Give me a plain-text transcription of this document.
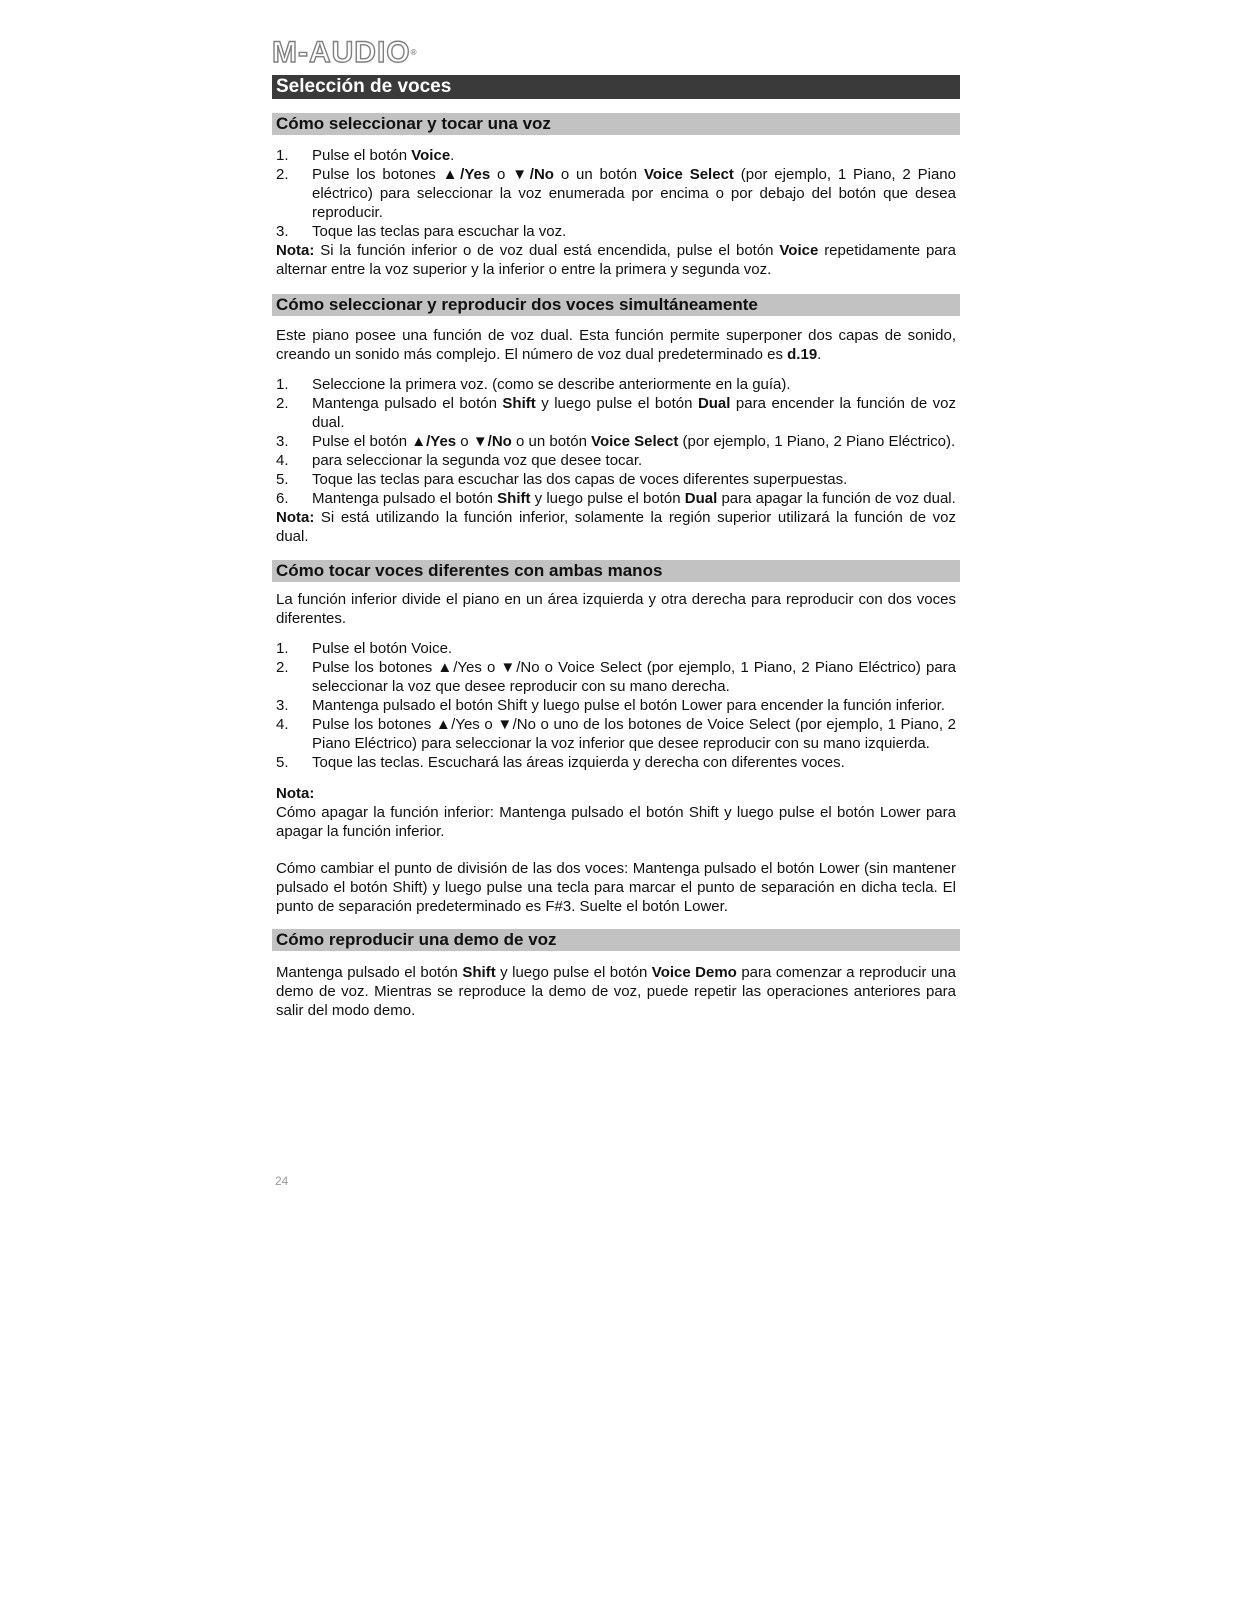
M-AUDIO®
Selección de voces
Cómo seleccionar y tocar una voz
1. Pulse el botón Voice.
2. Pulse los botones ▲/Yes o ▼/No o un botón Voice Select (por ejemplo, 1 Piano, 2 Piano eléctrico) para seleccionar la voz enumerada por encima o por debajo del botón que desea reproducir.
3. Toque las teclas para escuchar la voz.
Nota: Si la función inferior o de voz dual está encendida, pulse el botón Voice repetidamente para alternar entre la voz superior y la inferior o entre la primera y segunda voz.
Cómo seleccionar y reproducir dos voces simultáneamente
Este piano posee una función de voz dual. Esta función permite superponer dos capas de sonido, creando un sonido más complejo. El número de voz dual predeterminado es d.19.
1. Seleccione la primera voz. (como se describe anteriormente en la guía).
2. Mantenga pulsado el botón Shift y luego pulse el botón Dual para encender la función de voz dual.
3. Pulse el botón ▲/Yes o ▼/No o un botón Voice Select (por ejemplo, 1 Piano, 2 Piano Eléctrico).
4. para seleccionar la segunda voz que desee tocar.
5. Toque las teclas para escuchar las dos capas de voces diferentes superpuestas.
6. Mantenga pulsado el botón Shift y luego pulse el botón Dual para apagar la función de voz dual.
Nota: Si está utilizando la función inferior, solamente la región superior utilizará la función de voz dual.
Cómo tocar voces diferentes con ambas manos
La función inferior divide el piano en un área izquierda y otra derecha para reproducir con dos voces diferentes.
1. Pulse el botón Voice.
2. Pulse los botones ▲/Yes o ▼/No o Voice Select (por ejemplo, 1 Piano, 2 Piano Eléctrico) para seleccionar la voz que desee reproducir con su mano derecha.
3. Mantenga pulsado el botón Shift y luego pulse el botón Lower para encender la función inferior.
4. Pulse los botones ▲/Yes o ▼/No o uno de los botones de Voice Select (por ejemplo, 1 Piano, 2 Piano Eléctrico) para seleccionar la voz inferior que desee reproducir con su mano izquierda.
5. Toque las teclas. Escuchará las áreas izquierda y derecha con diferentes voces.
Nota:
Cómo apagar la función inferior: Mantenga pulsado el botón Shift y luego pulse el botón Lower para apagar la función inferior.
Cómo cambiar el punto de división de las dos voces: Mantenga pulsado el botón Lower (sin mantener pulsado el botón Shift) y luego pulse una tecla para marcar el punto de separación en dicha tecla. El punto de separación predeterminado es F#3. Suelte el botón Lower.
Cómo reproducir una demo de voz
Mantenga pulsado el botón Shift y luego pulse el botón Voice Demo para comenzar a reproducir una demo de voz. Mientras se reproduce la demo de voz, puede repetir las operaciones anteriores para salir del modo demo.
24
